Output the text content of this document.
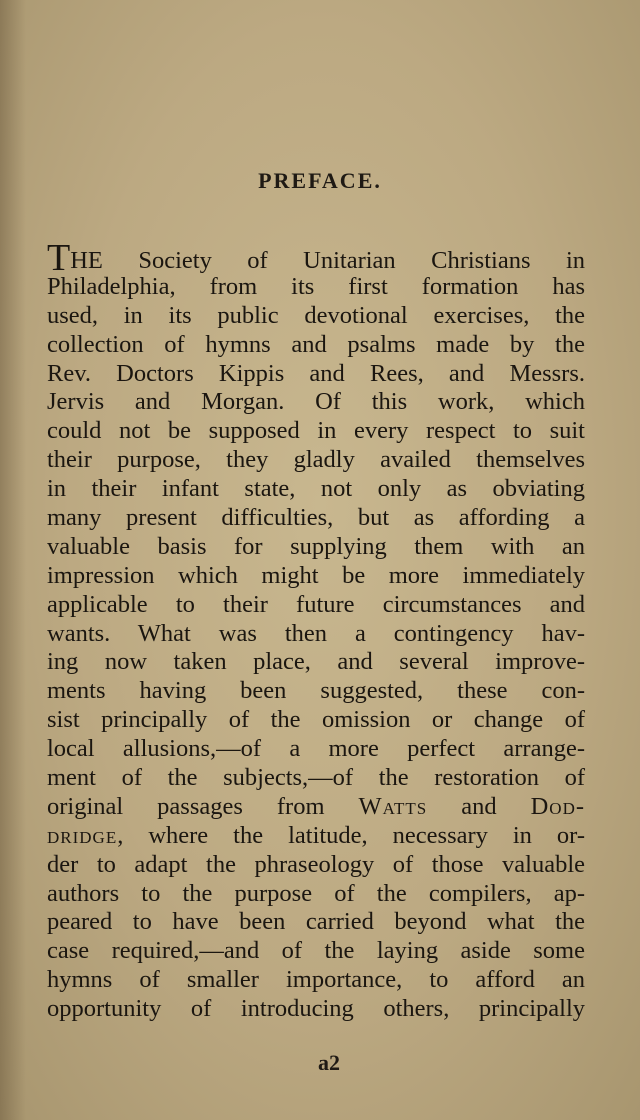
PREFACE.
THE Society of Unitarian Christians in
Philadelphia, from its first formation has
used, in its public devotional exercises, the
collection of hymns and psalms made by the
Rev. Doctors Kippis and Rees, and Messrs.
Jervis and Morgan. Of this work, which
could not be supposed in every respect to suit
their purpose, they gladly availed themselves
in their infant state, not only as obviating
many present difficulties, but as affording a
valuable basis for supplying them with an
impression which might be more immediately
applicable to their future circumstances and
wants. What was then a contingency hav-
ing now taken place, and several improve-
ments having been suggested, these con-
sist principally of the omission or change of
local allusions,—of a more perfect arrange-
ment of the subjects,—of the restoration of
original passages from Watts and Dod-
dridge, where the latitude, necessary in or-
der to adapt the phraseology of those valuable
authors to the purpose of the compilers, ap-
peared to have been carried beyond what the
case required,—and of the laying aside some
hymns of smaller importance, to afford an
opportunity of introducing others, principally
a2
